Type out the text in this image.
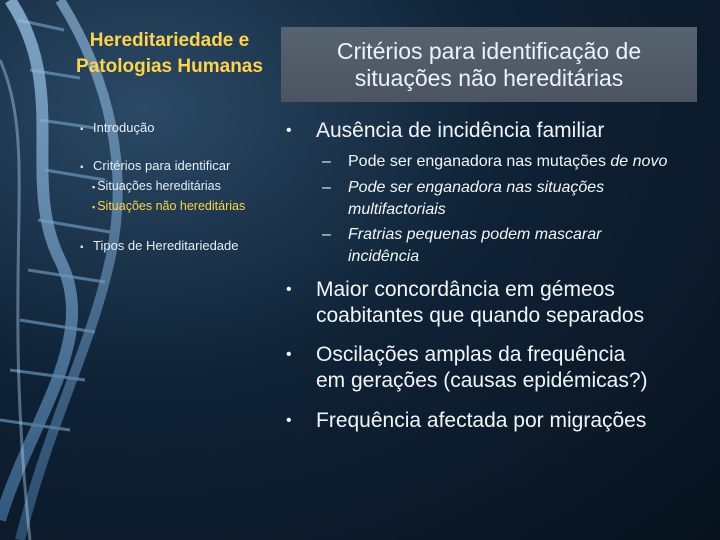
Hereditariedade e Patologias Humanas
▪ Introdução
▪ Critérios para identificar
▪ Situações hereditárias
▪ Situações não hereditárias
▪ Tipos de Hereditariedade
Critérios para identificação de
situações não hereditárias
• Ausência de incidência familiar
– Pode ser enganadora nas mutações de novo
– Pode ser enganadora nas situações
multifactoriais
– Fratrias pequenas podem mascarar
incidência
• Maior concordância em gémeos
coabitantes que quando separados
• Oscilações amplas da frequência
em gerações (causas epidémicas?)
• Frequência afectada por migrações
